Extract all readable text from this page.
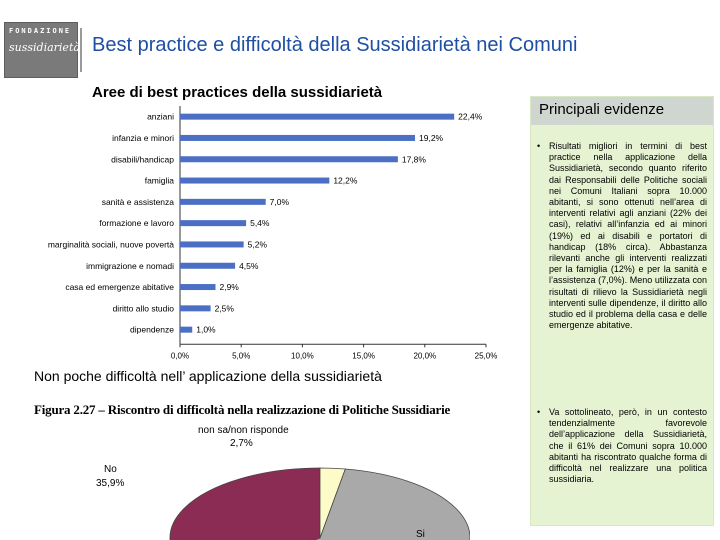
FONDAZIONE
sussidiarietà Best practice e difficoltà della Sussidiarietà nei Comuni
Aree di best practices della sussidiarietà
anziani	22,4%
infanzia e minori	19,2%
disabili/handicap	17,8%
famiglia	12,2%
sanità e assistenza	7,0%
formazione e lavoro	5,4%
marginalità sociali, nuove povertà	5,2%
immigrazione e nomadi	4,5%
casa ed emergenze abitative	2,9%
diritto allo studio	2,5%
dipendenze	1,0%
0,0%	5,0%	10,0%	15,0%	20,0%	25,0%
Non poche difficoltà nell’ applicazione della sussidiarietà
Figura 2.27 – Riscontro di difficoltà nella realizzazione di Politiche Sussidiarie
non sa/non risponde
2,7%
No
35,9%
Si
Principali evidenze
• Risultati migliori in termini di best practice nella applicazione della Sussidiarietà, secondo quanto riferito dai Responsabili delle Politiche sociali nei Comuni Italiani sopra 10.000 abitanti, si sono ottenuti nell’area di interventi relativi agli anziani (22% dei casi), relativi all’infanzia ed ai minori (19%) ed ai disabili e portatori di handicap (18% circa). Abbastanza rilevanti anche gli interventi realizzati per la famiglia (12%) e per la sanità e l’assistenza (7,0%). Meno utilizzata con risultati di rilievo la Sussidiarietà negli interventi sulle dipendenze, il diritto allo studio ed il problema della casa e delle emergenze abitative.
• Va sottolineato, però, in un contesto tendenzialmente favorevole dell’applicazione della Sussidiarietà, che il 61% dei Comuni sopra 10.000 abitanti ha riscontrato qualche forma di difficoltà nel realizzare una politica sussidiaria.
